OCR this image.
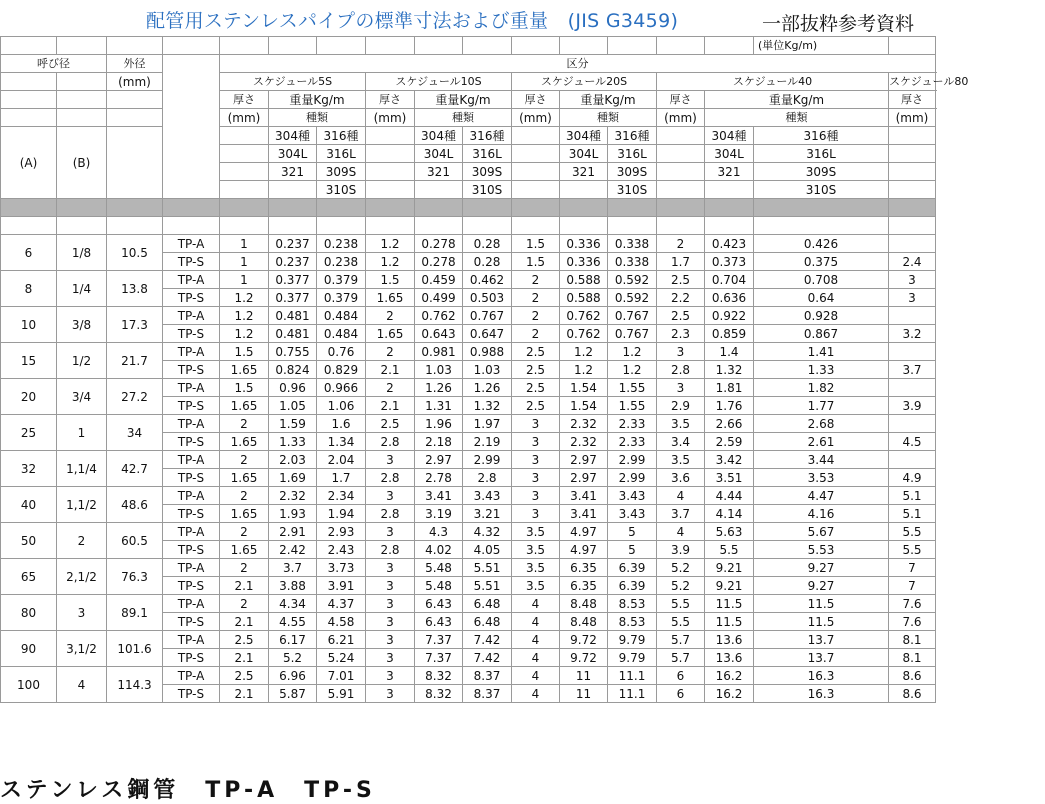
配管用ステンレスパイプの標準寸法および重量　(JIS G3459)	一部抜粋参考資料
															(単位Kg/m)		
呼び径		外径		区分													
		(mm)		スケジュール5S			スケジュール10S			スケジュール20S			スケジュール40			スケジュール80	
				厚さ	重量Kg/m		厚さ	重量Kg/m		厚さ	重量Kg/m		厚さ	重量Kg/m		厚さ	
				(mm)	種類		(mm)	種類		(mm)	種類		(mm)	種類		(mm)	
(A)	(B)				304種	316種		304種	316種		304種	316種		304種	316種			
					304L	316L		304L	316L		304L	316L		304L	316L			
					321	309S		321	309S		321	309S		321	309S			
						310S			310S			310S			310S			

6	1/8	10.5	TP-A	1	0.237	0.238	1.2	0.278	0.28	1.5	0.336	0.338	2	0.423	0.426			
			TP-S	1	0.237	0.238	1.2	0.278	0.28	1.5	0.336	0.338	1.7	0.373	0.375	2.4		
8	1/4	13.8	TP-A	1	0.377	0.379	1.5	0.459	0.462	2	0.588	0.592	2.5	0.704	0.708	3		
			TP-S	1.2	0.377	0.379	1.65	0.499	0.503	2	0.588	0.592	2.2	0.636	0.64	3		
10	3/8	17.3	TP-A	1.2	0.481	0.484	2	0.762	0.767	2	0.762	0.767	2.5	0.922	0.928			
			TP-S	1.2	0.481	0.484	1.65	0.643	0.647	2	0.762	0.767	2.3	0.859	0.867	3.2		
15	1/2	21.7	TP-A	1.5	0.755	0.76	2	0.981	0.988	2.5	1.2	1.2	3	1.4	1.41			
			TP-S	1.65	0.824	0.829	2.1	1.03	1.03	2.5	1.2	1.2	2.8	1.32	1.33	3.7		
20	3/4	27.2	TP-A	1.5	0.96	0.966	2	1.26	1.26	2.5	1.54	1.55	3	1.81	1.82			
			TP-S	1.65	1.05	1.06	2.1	1.31	1.32	2.5	1.54	1.55	2.9	1.76	1.77	3.9		
25	1	34	TP-A	2	1.59	1.6	2.5	1.96	1.97	3	2.32	2.33	3.5	2.66	2.68			
			TP-S	1.65	1.33	1.34	2.8	2.18	2.19	3	2.32	2.33	3.4	2.59	2.61	4.5		
32	1,1/4	42.7	TP-A	2	2.03	2.04	3	2.97	2.99	3	2.97	2.99	3.5	3.42	3.44			
			TP-S	1.65	1.69	1.7	2.8	2.78	2.8	3	2.97	2.99	3.6	3.51	3.53	4.9		
40	1,1/2	48.6	TP-A	2	2.32	2.34	3	3.41	3.43	3	3.41	3.43	4	4.44	4.47	5.1		
			TP-S	1.65	1.93	1.94	2.8	3.19	3.21	3	3.41	3.43	3.7	4.14	4.16	5.1		
50	2	60.5	TP-A	2	2.91	2.93	3	4.3	4.32	3.5	4.97	5	4	5.63	5.67	5.5		
			TP-S	1.65	2.42	2.43	2.8	4.02	4.05	3.5	4.97	5	3.9	5.5	5.53	5.5		
65	2,1/2	76.3	TP-A	2	3.7	3.73	3	5.48	5.51	3.5	6.35	6.39	5.2	9.21	9.27	7		
			TP-S	2.1	3.88	3.91	3	5.48	5.51	3.5	6.35	6.39	5.2	9.21	9.27	7		
80	3	89.1	TP-A	2	4.34	4.37	3	6.43	6.48	4	8.48	8.53	5.5	11.5	11.5	7.6		
			TP-S	2.1	4.55	4.58	3	6.43	6.48	4	8.48	8.53	5.5	11.5	11.5	7.6		
90	3,1/2	101.6	TP-A	2.5	6.17	6.21	3	7.37	7.42	4	9.72	9.79	5.7	13.6	13.7	8.1		
			TP-S	2.1	5.2	5.24	3	7.37	7.42	4	9.72	9.79	5.7	13.6	13.7	8.1		
100	4	114.3	TP-A	2.5	6.96	7.01	3	8.32	8.37	4	11	11.1	6	16.2	16.3	8.6		
			TP-S	2.1	5.87	5.91	3	8.32	8.37	4	11	11.1	6	16.2	16.3	8.6		
ステンレス鋼管　TP-A　TP-S
